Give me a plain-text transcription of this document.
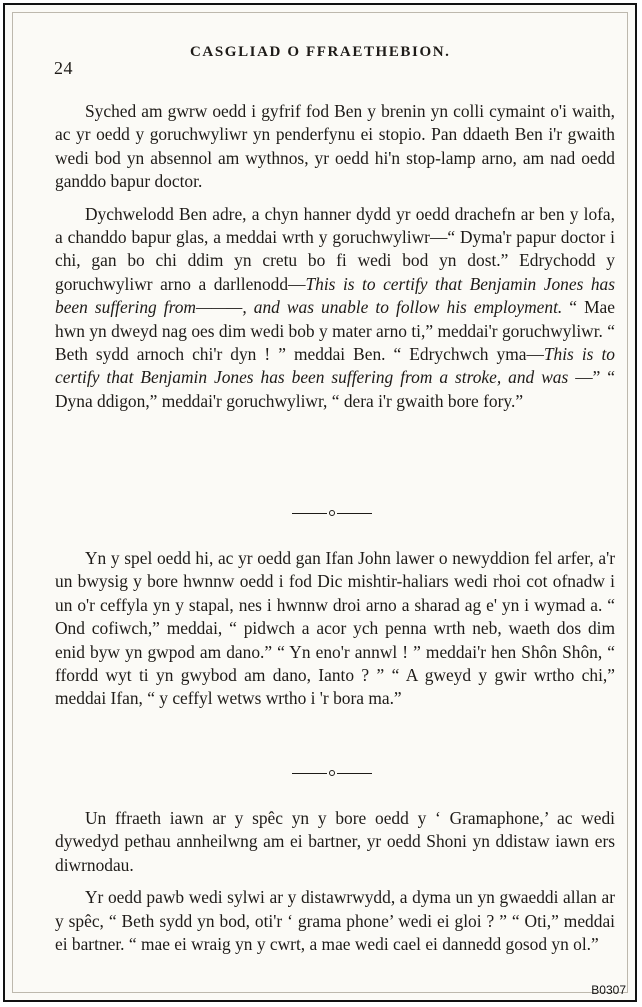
24
CASGLIAD O FFRAETHEBION.

Syched am gwrw oedd i gyfrif fod Ben y brenin yn colli cymaint o'i waith, ac yr oedd y goruchwyliwr yn penderfynu ei stopio. Pan ddaeth Ben i'r gwaith wedi bod yn absennol am wythnos, yr oedd hi'n stop-lamp arno, am nad oedd ganddo bapur doctor.

Dychwelodd Ben adre, a chyn hanner dydd yr oedd drachefn ar ben y lofa, a chanddo bapur glas, a meddai wrth y goruchwyliwr—“ Dyma'r papur doctor i chi, gan bo chi ddim yn cretu bo fi wedi bod yn dost.” Edrychodd y goruchwyliwr arno a darllenodd—This is to certify that Benjamin Jones has been suffering from———, and was unable to follow his employment. “ Mae hwn yn dweyd nag oes dim wedi bob y mater arno ti,” meddai'r goruchwyliwr. “ Beth sydd arnoch chi'r dyn ! ” meddai Ben. “ Edrychwch yma—This is to certify that Benjamin Jones has been suffering from a stroke, and was —” “ Dyna ddigon,” meddai'r goruchwyliwr, “ dera i'r gwaith bore fory.”

Yn y spel oedd hi, ac yr oedd gan Ifan John lawer o newyddion fel arfer, a'r un bwysig y bore hwnnw oedd i fod Dic mishtir-haliars wedi rhoi cot ofnadw i un o'r ceffyla yn y stapal, nes i hwnnw droi arno a sharad ag e' yn i wymad a. “ Ond cofiwch,” meddai, “ pidwch a acor ych penna wrth neb, waeth dos dim enid byw yn gwpod am dano.” “ Yn eno'r annwl ! ” meddai'r hen Shôn Shôn, “ ffordd wyt ti yn gwybod am dano, Ianto ? ” “ A gweyd y gwir wrtho chi,” meddai Ifan, “ y ceffyl wetws wrtho i 'r bora ma.”

Un ffraeth iawn ar y spêc yn y bore oedd y ‘ Gramaphone,’ ac wedi dywedyd pethau annheilwng am ei bartner, yr oedd Shoni yn ddistaw iawn ers diwrnodau.

Yr oedd pawb wedi sylwi ar y distawrwydd, a dyma un yn gwaeddi allan ar y spêc, “ Beth sydd yn bod, oti'r ‘ grama phone’ wedi ei gloi ? ” “ Oti,” meddai ei bartner. “ mae ei wraig yn y cwrt, a mae wedi cael ei dannedd gosod yn ol.”

B0307
